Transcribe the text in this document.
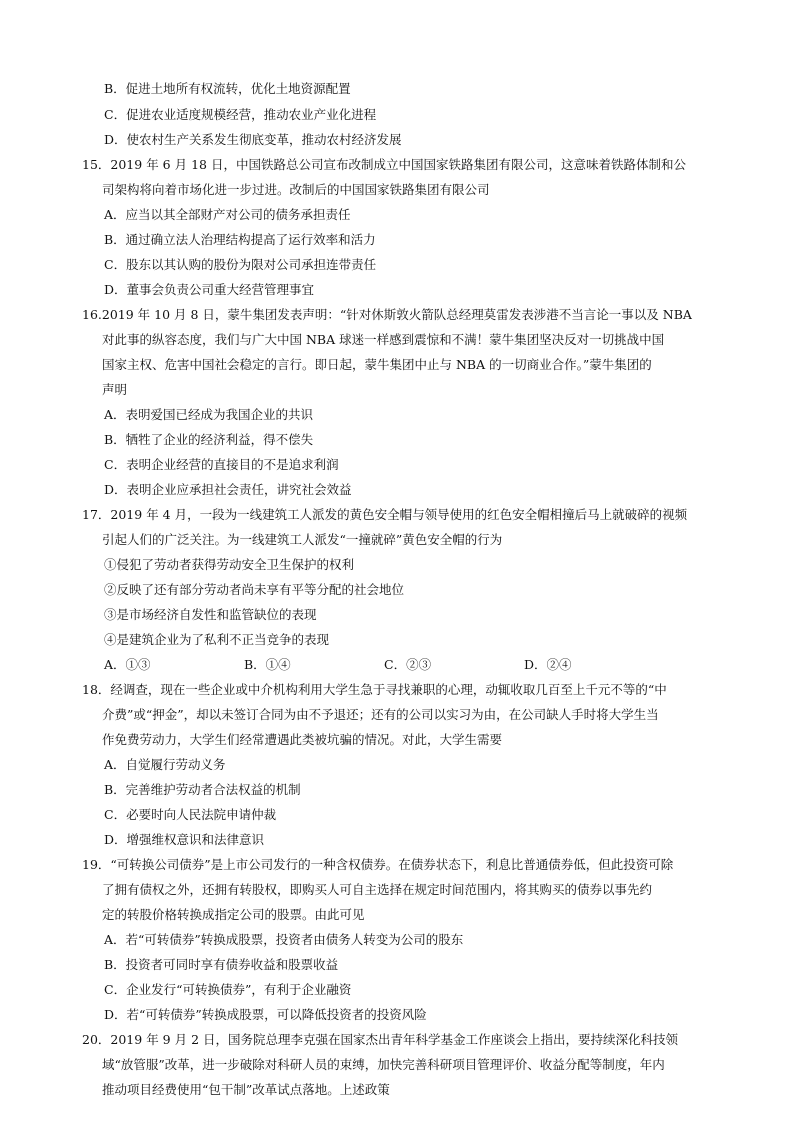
B．促进土地所有权流转，优化土地资源配置
C．促进农业适度规模经营，推动农业产业化进程
D．使农村生产关系发生彻底变革，推动农村经济发展
15．2019 年 6 月 18 日，中国铁路总公司宣布改制成立中国国家铁路集团有限公司，这意味着铁路体制和公
司架构将向着市场化进一步过进。改制后的中国国家铁路集团有限公司
A．应当以其全部财产对公司的债务承担责任
B．通过确立法人治理结构提高了运行效率和活力
C．股东以其认购的股份为限对公司承担连带责任
D．董事会负责公司重大经营管理事宜
16.2019 年 10 月 8 日，蒙牛集团发表声明：“针对休斯敦火箭队总经理莫雷发表涉港不当言论一事以及 NBA
对此事的纵容态度，我们与广大中国 NBA 球迷一样感到震惊和不满！蒙牛集团坚决反对一切挑战中国
国家主权、危害中国社会稳定的言行。即日起，蒙牛集团中止与 NBA 的一切商业合作。”蒙牛集团的
声明
A．表明爱国已经成为我国企业的共识
B．牺牲了企业的经济利益，得不偿失
C．表明企业经营的直接目的不是追求利润
D．表明企业应承担社会责任，讲究社会效益
17．2019 年 4 月，一段为一线建筑工人派发的黄色安全帽与领导使用的红色安全帽相撞后马上就破碎的视频
引起人们的广泛关注。为一线建筑工人派发“一撞就碎”黄色安全帽的行为
①侵犯了劳动者获得劳动安全卫生保护的权利
②反映了还有部分劳动者尚未享有平等分配的社会地位
③是市场经济自发性和监管缺位的表现
④是建筑企业为了私利不正当竞争的表现
A．①③	B．①④	C．②③	D．②④
18．经调查，现在一些企业或中介机构利用大学生急于寻找兼职的心理，动辄收取几百至上千元不等的“中
介费”或“押金”，却以未签订合同为由不予退还；还有的公司以实习为由，在公司缺人手时将大学生当
作免费劳动力，大学生们经常遭遇此类被坑骗的情况。对此，大学生需要
A．自觉履行劳动义务
B．完善维护劳动者合法权益的机制
C．必要时向人民法院申请仲裁
D．增强维权意识和法律意识
19．“可转换公司债券”是上市公司发行的一种含权债券。在债券状态下，利息比普通债券低，但此投资可除
了拥有债权之外，还拥有转股权，即购买人可自主选择在规定时间范围内，将其购买的债券以事先约
定的转股价格转换成指定公司的股票。由此可见
A．若“可转债券”转换成股票，投资者由债务人转变为公司的股东
B．投资者可同时享有债券收益和股票收益
C．企业发行“可转换债券”，有利于企业融资
D．若“可转债券”转换成股票，可以降低投资者的投资风险
20．2019 年 9 月 2 日，国务院总理李克强在国家杰出青年科学基金工作座谈会上指出，要持续深化科技领
域“放管服”改革，进一步破除对科研人员的束缚，加快完善科研项目管理评价、收益分配等制度，年内
推动项目经费使用“包干制”改革试点落地。上述政策
